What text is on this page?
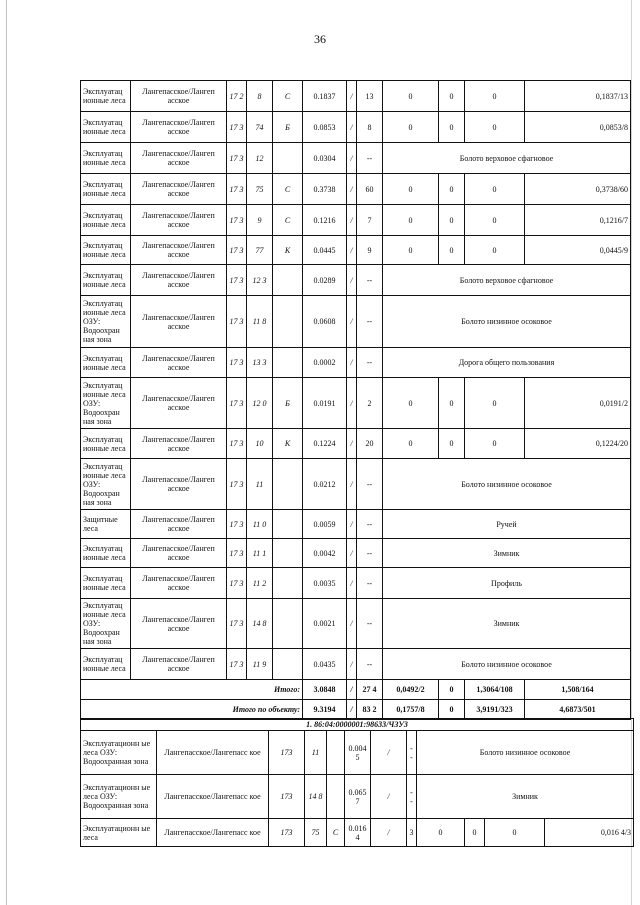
36
Эксплуатац ионные леса	Лангепасское/Лангеп асское	17 2	8	С	0.1837	/	13	0	0	0	0,1837/13
Эксплуатац ионные леса	Лангепасское/Лангеп асское	17 3	74	Б	0.0853	/	8	0	0	0	0,0853/8
Эксплуатац ионные леса	Лангепасское/Лангеп асское	17 3	12		0.0304	/	--	Болото верховое сфагновое			
Эксплуатац ионные леса	Лангепасское/Лангеп асское	17 3	75	С	0.3738	/	60	0	0	0	0,3738/60
Эксплуатац ионные леса	Лангепасское/Лангеп асское	17 3	9	С	0.1216	/	7	0	0	0	0,1216/7
Эксплуатац ионные леса	Лангепасское/Лангеп асское	17 3	77	К	0.0445	/	9	0	0	0	0,0445/9
Эксплуатац ионные леса	Лангепасское/Лангеп асское	17 3	12 3		0.0289	/	--	Болото верховое сфагновое			
Эксплуатац ионные леса ОЗУ: Водоохран ная зона	Лангепасское/Лангеп асское	17 3	11 8		0.0608	/	--	Болото низинное осоковое			
Эксплуатац ионные леса	Лангепасское/Лангеп асское	17 3	13 3		0.0002	/	--	Дорога общего пользования			
Эксплуатац ионные леса ОЗУ: Водоохран ная зона	Лангепасское/Лангеп асское	17 3	12 0	Б	0.0191	/	2	0	0	0	0,0191/2
Эксплуатац ионные леса	Лангепасское/Лангеп асское	17 3	10	К	0.1224	/	20	0	0	0	0,1224/20
Эксплуатац ионные леса ОЗУ: Водоохран ная зона	Лангепасское/Лангеп асское	17 3	11		0.0212	/	--	Болото низинное осоковое			
Защитные леса	Лангепасское/Лангеп асское	17 3	11 0		0.0059	/	--	Ручей			
Эксплуатац ионные леса	Лангепасское/Лангеп асское	17 3	11 1		0.0042	/	--	Зимник			
Эксплуатац ионные леса	Лангепасское/Лангеп асское	17 3	11 2		0.0035	/	--	Профиль			
Эксплуатац ионные леса ОЗУ: Водоохран ная зона	Лангепасское/Лангеп асское	17 3	14 8		0.0021	/	--	Зимник			
Эксплуатац ионные леса	Лангепасское/Лангеп асское	17 3	11 9		0.0435	/	--	Болото низинное осоковое			
Итого:					3.0848	/	27 4	0,0492/2	0	1,3064/108	1,508/164
Итого по объекту:					9.3194	/	83 2	0,1757/8	0	3,9191/323	4,6873/501
1. 86:04:0000001:98633/ЧЗУ3											
Эксплуатационн ые леса ОЗУ: Водоохранная зона	Лангепасское/Лангепасс кое	173	11		0.004 5	/	- -	Болото низинное осоковое			
Эксплуатационн ые леса ОЗУ: Водоохранная зона	Лангепасское/Лангепасс кое	173	14 8		0.065 7	/	- -	Зимник			
Эксплуатационн ые леса	Лангепасское/Лангепасс кое	173	75	С	0.016 4	/	3	0	0	0	0,016 4/3
